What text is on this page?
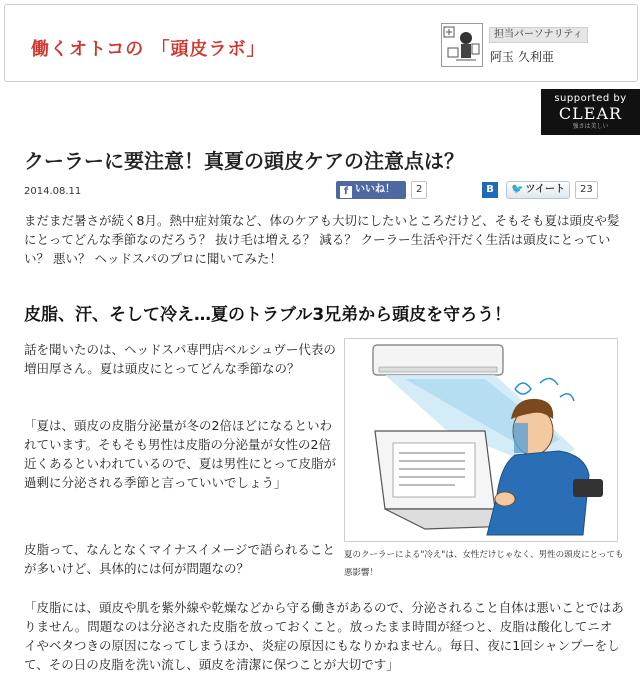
働くオトコの 「頭皮ラボ」
担当パーソナリティ
阿玉 久利亜
supported by
CLEAR
強さは美しい
クーラーに要注意！真夏の頭皮ケアの注意点は？
2014.08.11	f いいね！	2	B	🐦 ツイート	23

まだまだ暑さが続く8月。熱中症対策など、体のケアも大切にしたいところだけど、そもそも夏は頭皮や髪にとってどんな季節なのだろう？ 抜け毛は増える？ 減る？ クーラー生活や汗だく生活は頭皮にとっていい？ 悪い？ ヘッドスパのプロに聞いてみた！

皮脂、汗、そして冷え…夏のトラブル3兄弟から頭皮を守ろう！

話を聞いたのは、ヘッドスパ専門店ベルシュヴー代表の増田厚さん。夏は頭皮にとってどんな季節なの？

「夏は、頭皮の皮脂分泌量が冬の2倍ほどになるといわれています。そもそも男性は皮脂の分泌量が女性の2倍近くあるといわれているので、夏は男性にとって皮脂が過剰に分泌される季節と言っていいでしょう」

皮脂って、なんとなくマイナスイメージで語られることが多いけど、具体的には何が問題なの？

「皮脂には、頭皮や肌を紫外線や乾燥などから守る働きがあるので、分泌されること自体は悪いことではありません。問題なのは分泌された皮脂を放っておくこと。放ったまま時間が経つと、皮脂は酸化してニオイやベタつきの原因になってしまうほか、炎症の原因にもなりかねません。毎日、夜に1回シャンプーをして、その日の皮脂を洗い流し、頭皮を清潔に保つことが大切です」

夏のクーラーによる"冷え"は、女性だけじゃなく、男性の頭皮にとっても悪影響！
